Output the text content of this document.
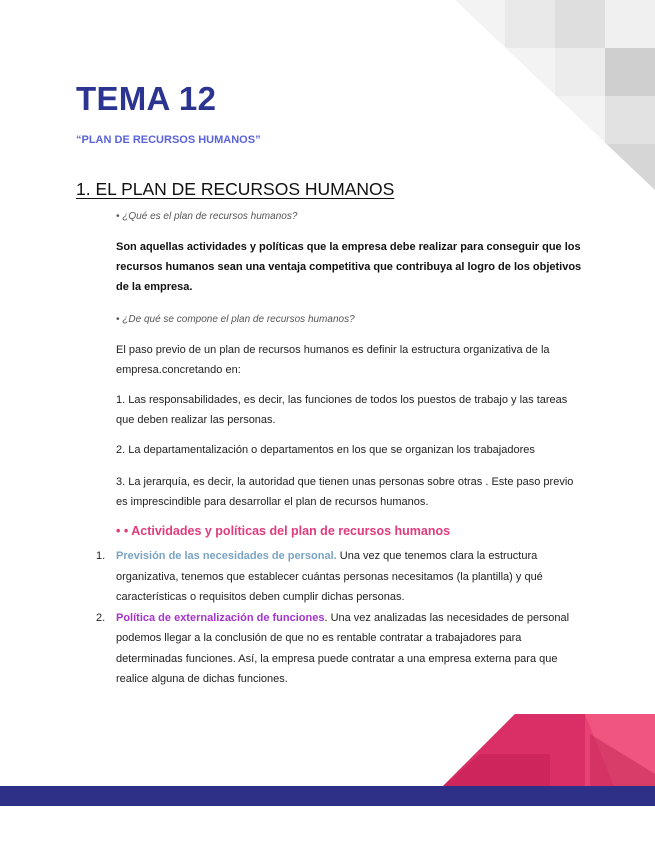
TEMA 12
“PLAN DE RECURSOS HUMANOS”
1. EL PLAN DE RECURSOS HUMANOS
• ¿Qué es el plan de recursos humanos?
Son aquellas actividades y políticas que la empresa debe realizar para conseguir que los recursos humanos sean una ventaja competitiva que contribuya al logro de los objetivos de la empresa.
• ¿De qué se compone el plan de recursos humanos?
El paso previo de un plan de recursos humanos es definir la estructura organizativa de la empresa.concretando en:
1. Las responsabilidades, es decir, las funciones de todos los puestos de trabajo y las tareas que deben realizar las personas.
2. La departamentalización o departamentos en los que se organizan los trabajadores
3. La jerarquía, es decir, la autoridad que tienen unas personas sobre otras . Este paso previo es imprescindible para desarrollar el plan de recursos humanos.
• • Actividades y políticas del plan de recursos humanos
1. Previsión de las necesidades de personal. Una vez que tenemos clara la estructura organizativa, tenemos que establecer cuántas personas necesitamos (la plantilla) y qué características o requisitos deben cumplir dichas personas.
2. Política de externalización de funciones. Una vez analizadas las necesidades de personal podemos llegar a la conclusión de que no es rentable contratar a trabajadores para determinadas funciones. Así, la empresa puede contratar a una empresa externa para que realice alguna de dichas funciones.
